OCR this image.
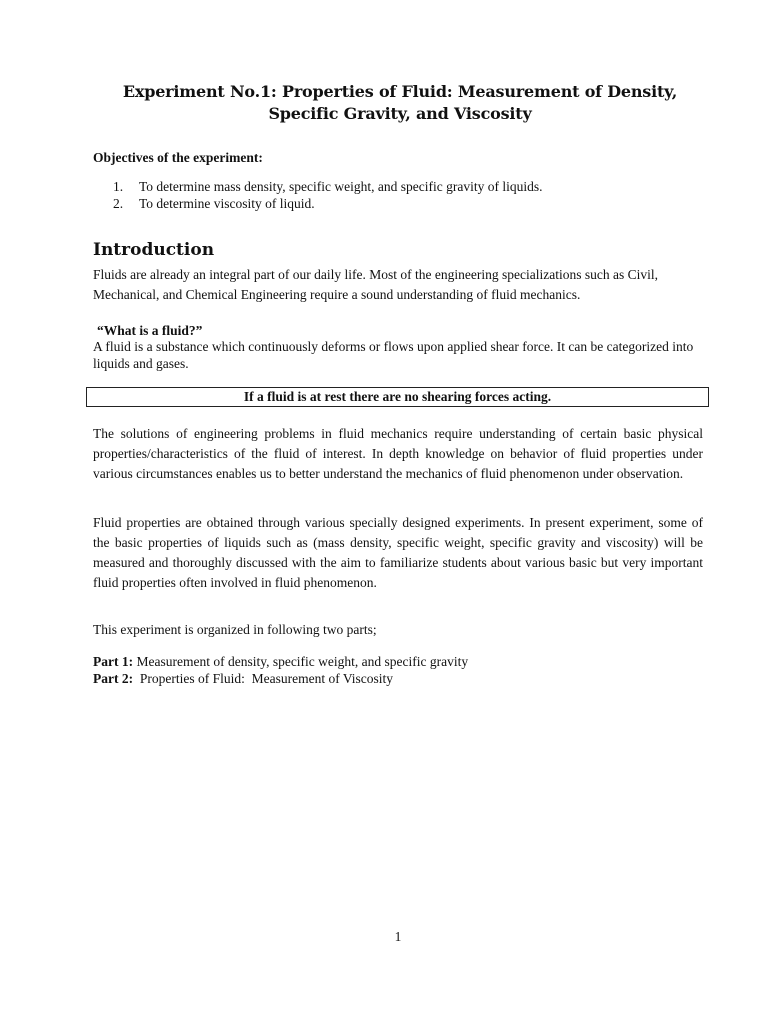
Experiment No.1: Properties of Fluid: Measurement of Density, Specific Gravity, and Viscosity
Objectives of the experiment:
1. To determine mass density, specific weight, and specific gravity of liquids.
2. To determine viscosity of liquid.
Introduction

Fluids are already an integral part of our daily life. Most of the engineering specializations such as Civil, Mechanical, and Chemical Engineering require a sound understanding of fluid mechanics.

“What is a fluid?”

A fluid is a substance which continuously deforms or flows upon applied shear force. It can be categorized into liquids and gases.

If a fluid is at rest there are no shearing forces acting.

The solutions of engineering problems in fluid mechanics require understanding of certain basic physical properties/characteristics of the fluid of interest. In depth knowledge on behavior of fluid properties under various circumstances enables us to better understand the mechanics of fluid phenomenon under observation.

Fluid properties are obtained through various specially designed experiments. In present experiment, some of the basic properties of liquids such as (mass density, specific weight, specific gravity and viscosity) will be measured and thoroughly discussed with the aim to familiarize students about various basic but very important fluid properties often involved in fluid phenomenon.

This experiment is organized in following two parts;

Part 1: Measurement of density, specific weight, and specific gravity
Part 2:  Properties of Fluid:  Measurement of Viscosity
1
